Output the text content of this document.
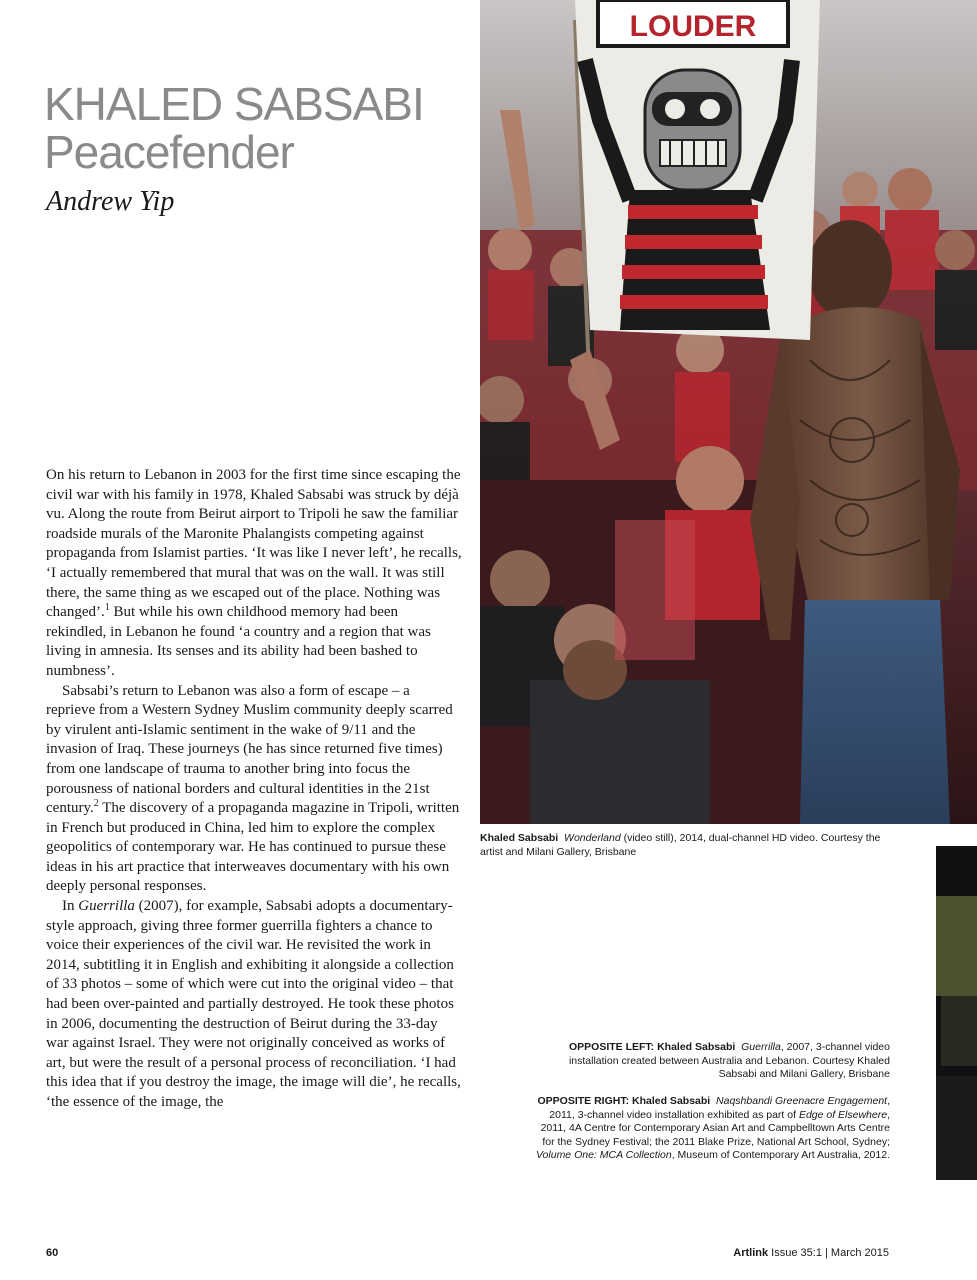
KHALED SABSABI
Peacefender
Andrew Yip

On his return to Lebanon in 2003 for the first time since escaping the civil war with his family in 1978, Khaled Sabsabi was struck by déjà vu. Along the route from Beirut airport to Tripoli he saw the familiar roadside murals of the Maronite Phalangists competing against propaganda from Islamist parties. ‘It was like I never left’, he recalls, ‘I actually remembered that mural that was on the wall. It was still there, the same thing as we escaped out of the place. Nothing was changed’.$^1$ But while his own childhood memory had been rekindled, in Lebanon he found ‘a country and a region that was living in amnesia. Its senses and its ability had been bashed to numbness’.

Sabsabi’s return to Lebanon was also a form of escape – a reprieve from a Western Sydney Muslim community deeply scarred by virulent anti-Islamic sentiment in the wake of 9/11 and the invasion of Iraq. These journeys (he has since returned five times) from one landscape of trauma to another bring into focus the porousness of national borders and cultural identities in the 21st century.$^2$ The discovery of a propaganda magazine in Tripoli, written in French but produced in China, led him to explore the complex geopolitics of contemporary war. He has continued to pursue these ideas in his art practice that interweaves documentary with his own deeply personal responses.

In Guerrilla (2007), for example, Sabsabi adopts a documentary-style approach, giving three former guerrilla fighters a chance to voice their experiences of the civil war. He revisited the work in 2014, subtitling it in English and exhibiting it alongside a collection of 33 photos – some of which were cut into the original video – that had been over-painted and partially destroyed. He took these photos in 2006, documenting the destruction of Beirut during the 33-day war against Israel. They were not originally conceived as works of art, but were the result of a personal process of reconciliation. ‘I had this idea that if you destroy the image, the image will die’, he recalls, ‘the essence of the image, the

LOUDER
Khaled Sabsabi Wonderland (video still), 2014, dual-channel HD video. Courtesy the artist and Milani Gallery, Brisbane
OPPOSITE LEFT: Khaled Sabsabi Guerrilla, 2007, 3-channel video installation created between Australia and Lebanon. Courtesy Khaled Sabsabi and Milani Gallery, Brisbane
OPPOSITE RIGHT: Khaled Sabsabi Naqshbandi Greenacre Engagement, 2011, 3-channel video installation exhibited as part of Edge of Elsewhere, 2011, 4A Centre for Contemporary Asian Art and Campbelltown Arts Centre for the Sydney Festival; the 2011 Blake Prize, National Art School, Sydney; Volume One: MCA Collection, Museum of Contemporary Art Australia, 2012.
60	Artlink Issue 35:1 | March 2015
